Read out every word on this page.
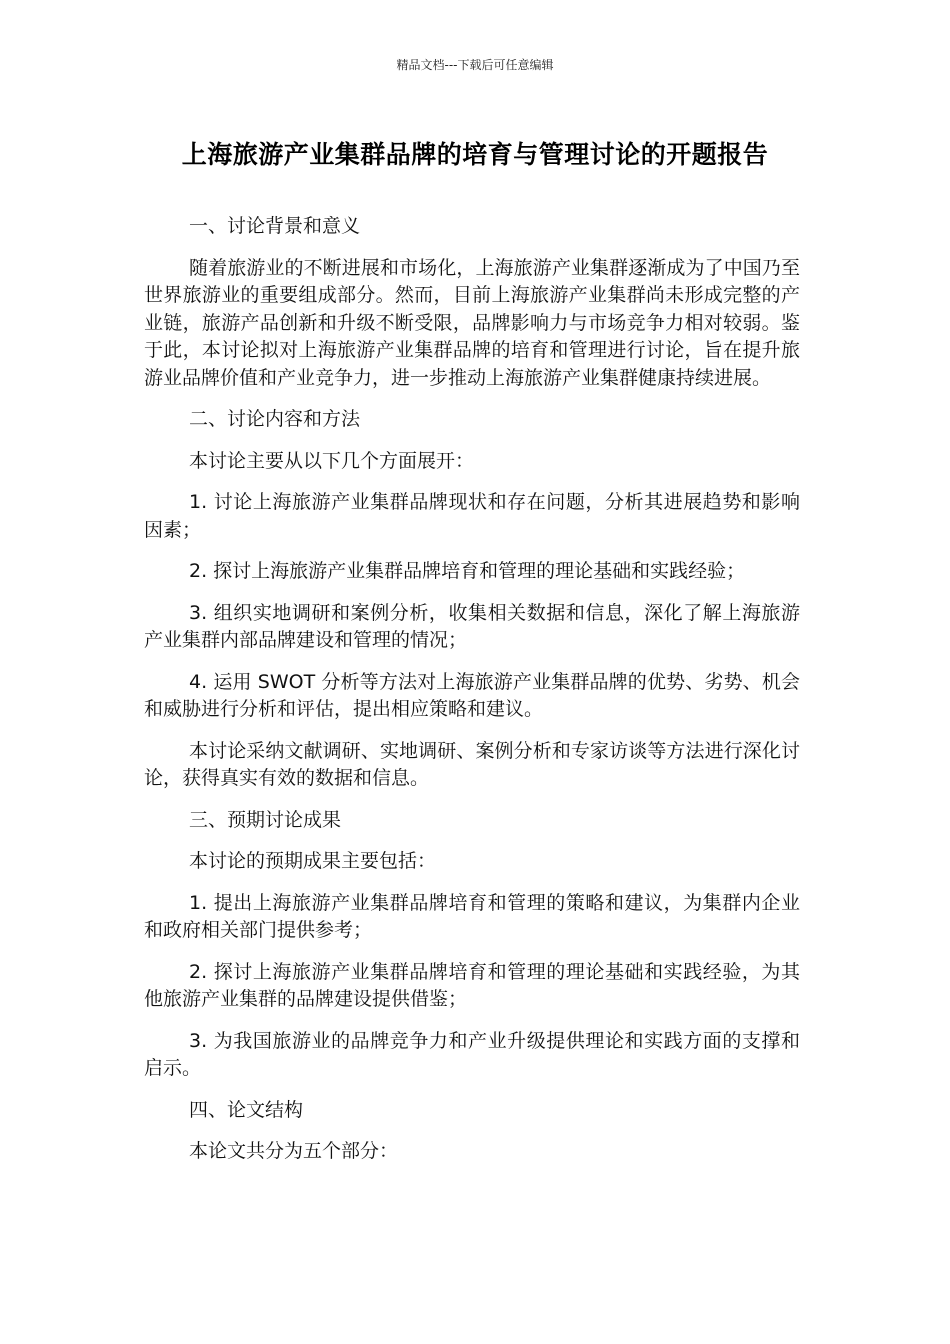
精品文档---下载后可任意编辑
上海旅游产业集群品牌的培育与管理讨论的开题报告

一、讨论背景和意义

随着旅游业的不断进展和市场化，上海旅游产业集群逐渐成为了中国乃至世界旅游业的重要组成部分。然而，目前上海旅游产业集群尚未形成完整的产业链，旅游产品创新和升级不断受限，品牌影响力与市场竞争力相对较弱。鉴于此，本讨论拟对上海旅游产业集群品牌的培育和管理进行讨论，旨在提升旅游业品牌价值和产业竞争力，进一步推动上海旅游产业集群健康持续进展。

二、讨论内容和方法

本讨论主要从以下几个方面展开：

1. 讨论上海旅游产业集群品牌现状和存在问题，分析其进展趋势和影响因素；

2. 探讨上海旅游产业集群品牌培育和管理的理论基础和实践经验；

3. 组织实地调研和案例分析，收集相关数据和信息，深化了解上海旅游产业集群内部品牌建设和管理的情况；

4. 运用 SWOT 分析等方法对上海旅游产业集群品牌的优势、劣势、机会和威胁进行分析和评估，提出相应策略和建议。

本讨论采纳文献调研、实地调研、案例分析和专家访谈等方法进行深化讨论，获得真实有效的数据和信息。

三、预期讨论成果

本讨论的预期成果主要包括：

1. 提出上海旅游产业集群品牌培育和管理的策略和建议，为集群内企业和政府相关部门提供参考；

2. 探讨上海旅游产业集群品牌培育和管理的理论基础和实践经验，为其他旅游产业集群的品牌建设提供借鉴；

3. 为我国旅游业的品牌竞争力和产业升级提供理论和实践方面的支撑和启示。

四、论文结构

本论文共分为五个部分：
